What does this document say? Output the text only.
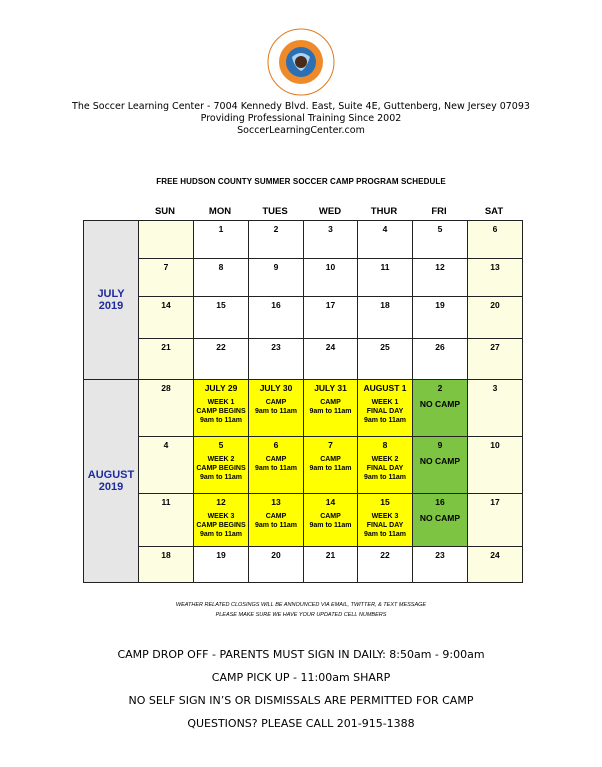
The Soccer Learning Center - 7004 Kennedy Blvd. East, Suite 4E, Guttenberg, New Jersey 07093
Providing Professional Training Since 2002
SoccerLearningCenter.com
FREE HUDSON COUNTY SUMMER SOCCER CAMP PROGRAM SCHEDULE
SUN	MON	TUES	WED	THUR	FRI	SAT
JULY
2019		1	2	3	4	5	6

	7	8	9	10	11	12	13

	14	15	16	17	18	19	20

	21	22	23	24	25	26	27

AUGUST
2019	28	JULY 29
WEEK 1
CAMP BEGINS
9am to 11am	JULY 30
CAMP
9am to 11am	JULY 31
CAMP
9am to 11am	AUGUST 1
WEEK 1
FINAL DAY
9am to 11am	2
NO CAMP	3

	4	5
WEEK 2
CAMP BEGINS
9am to 11am	6
CAMP
9am to 11am	7
CAMP
9am to 11am	8
WEEK 2
FINAL DAY
9am to 11am	9
NO CAMP	10

	11	12
WEEK 3
CAMP BEGINS
9am to 11am	13
CAMP
9am to 11am	14
CAMP
9am to 11am	15
WEEK 3
FINAL DAY
9am to 11am	16
NO CAMP	17

	18	19	20	21	22	23	24
WEATHER RELATED CLOSINGS WILL BE ANNOUNCED VIA EMAIL, TWITTER, & TEXT MESSAGE
PLEASE MAKE SURE WE HAVE YOUR UPDATED CELL NUMBERS
CAMP DROP OFF - PARENTS MUST SIGN IN DAILY: 8:50am - 9:00am
CAMP PICK UP - 11:00am SHARP
NO SELF SIGN IN’S OR DISMISSALS ARE PERMITTED FOR CAMP
QUESTIONS? PLEASE CALL 201-915-1388
